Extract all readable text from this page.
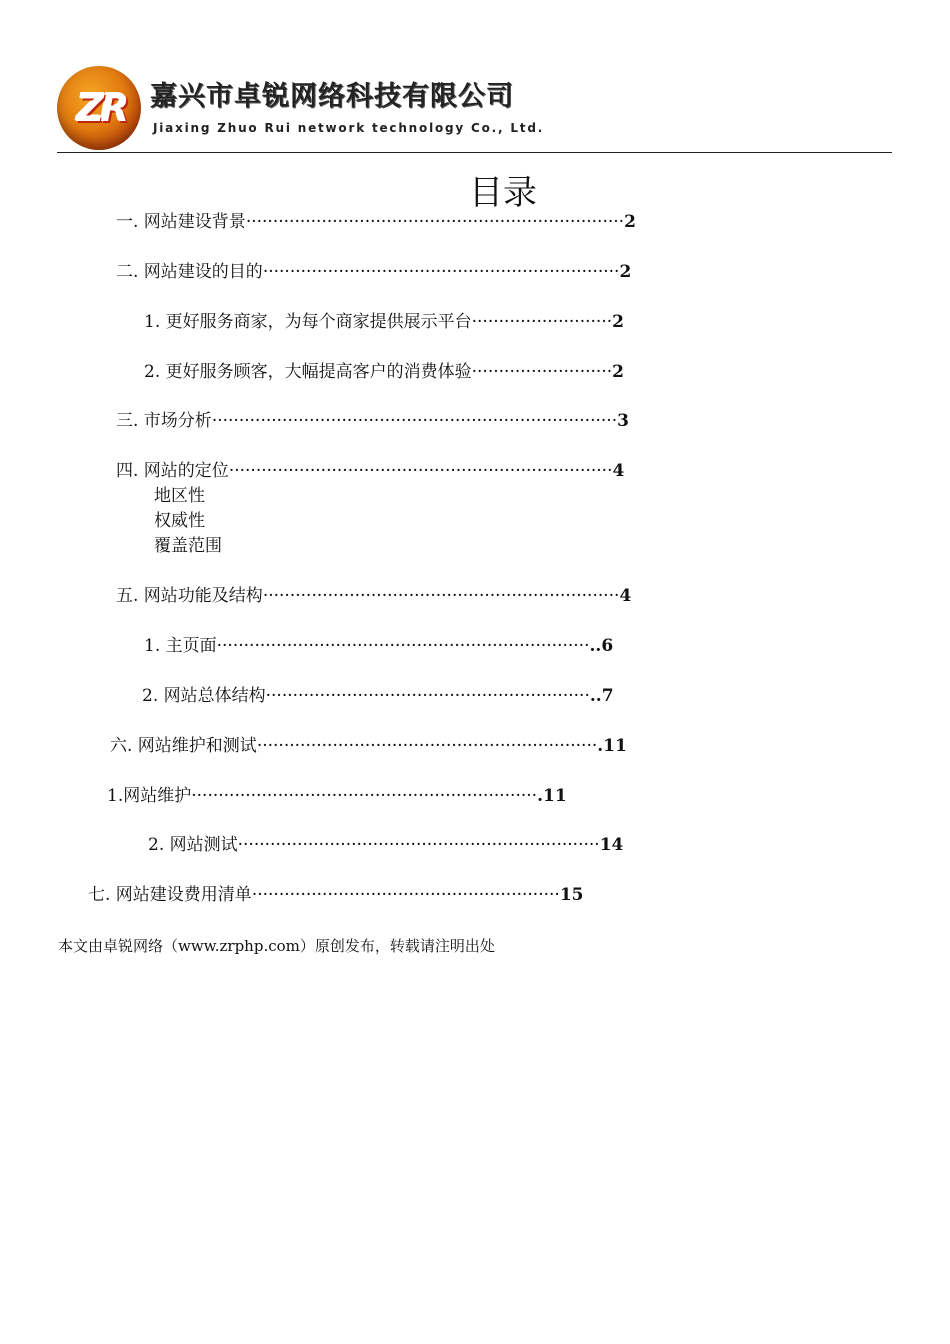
ZR 嘉兴市卓锐网络科技有限公司
Jiaxing Zhuo Rui network technology Co., Ltd.
目录
一. 网站建设背景······································································2
二. 网站建设的目的··································································2
1. 更好服务商家，为每个商家提供展示平台··························2
2. 更好服务顾客，大幅提高客户的消费体验··························2
三. 市场分析···········································································3
四. 网站的定位·······································································4
地区性
权威性
覆盖范围
五. 网站功能及结构··································································4
1. 主页面·····································································..6
2. 网站总体结构····························································..7
六. 网站维护和测试·······························································.11
1.网站维护································································.11
2. 网站测试···································································14
七. 网站建设费用清单·························································15
本文由卓锐网络（www.zrphp.com）原创发布，转载请注明出处
